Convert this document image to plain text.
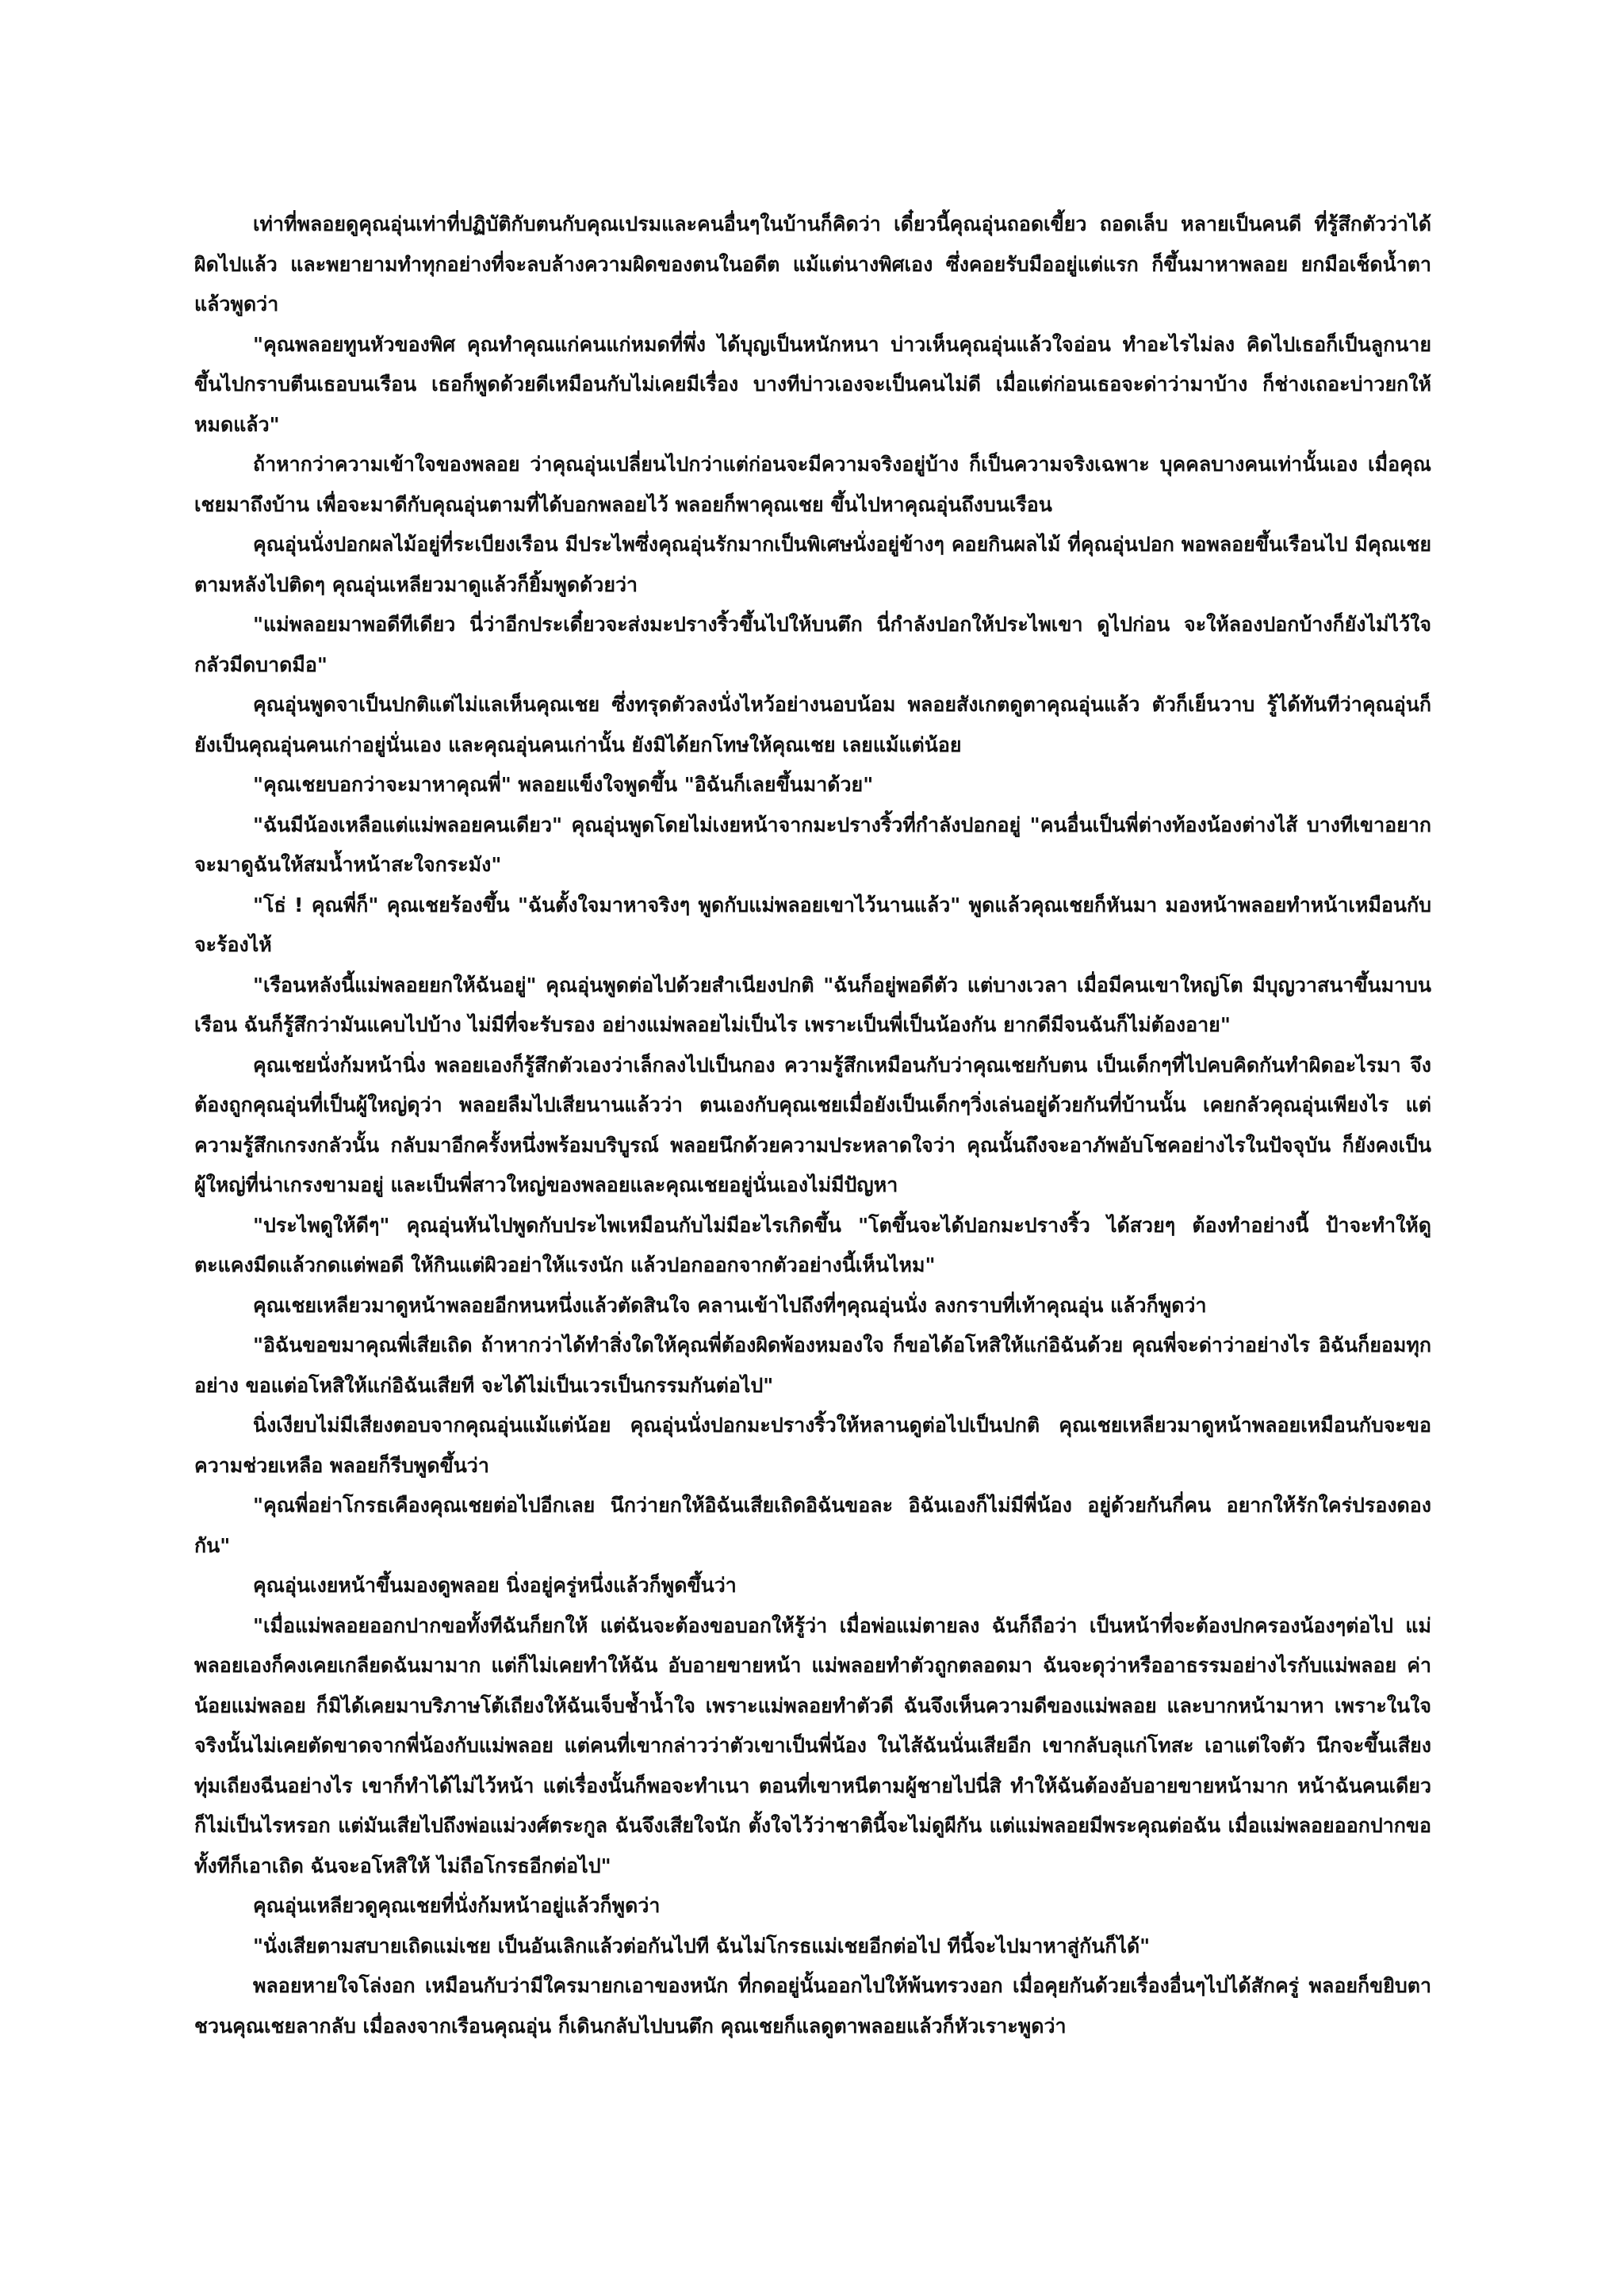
เท่าที่พลอยดูคุณอุ่นเท่าที่ปฏิบัติกับตนกับคุณเปรมและคนอื่นๆในบ้านก็คิดว่า เดี๋ยวนี้คุณอุ่นถอดเขี้ยว ถอดเล็บ หลายเป็นคนดี ที่รู้สึกตัวว่าได้ผิดไปแล้ว และพยายามทำทุกอย่างที่จะลบล้างความผิดของตนในอดีต แม้แต่นางพิศเอง ซึ่งคอยรับมืออยู่แต่แรก ก็ขึ้นมาหาพลอย ยกมือเช็ดน้ำตาแล้วพูดว่า

"คุณพลอยทูนหัวของพิศ คุณทำคุณแก่คนแก่หมดที่พึ่ง ได้บุญเป็นหนักหนา บ่าวเห็นคุณอุ่นแล้วใจอ่อน ทำอะไรไม่ลง คิดไปเธอก็เป็นลูกนาย ขึ้นไปกราบตีนเธอบนเรือน เธอก็พูดด้วยดีเหมือนกับไม่เคยมีเรื่อง บางทีบ่าวเองจะเป็นคนไม่ดี เมื่อแต่ก่อนเธอจะด่าว่ามาบ้าง ก็ช่างเถอะบ่าวยกให้หมดแล้ว"

ถ้าหากว่าความเข้าใจของพลอย ว่าคุณอุ่นเปลี่ยนไปกว่าแต่ก่อนจะมีความจริงอยู่บ้าง ก็เป็นความจริงเฉพาะ บุคคลบางคนเท่านั้นเอง เมื่อคุณเชยมาถึงบ้าน เพื่อจะมาดีกับคุณอุ่นตามที่ได้บอกพลอยไว้ พลอยก็พาคุณเชย ขึ้นไปหาคุณอุ่นถึงบนเรือน

คุณอุ่นนั่งปอกผลไม้อยู่ที่ระเบียงเรือน มีประไพซึ่งคุณอุ่นรักมากเป็นพิเศษนั่งอยู่ข้างๆ คอยกินผลไม้ ที่คุณอุ่นปอก พอพลอยขึ้นเรือนไป มีคุณเชยตามหลังไปติดๆ คุณอุ่นเหลียวมาดูแล้วก็ยิ้มพูดด้วยว่า

"แม่พลอยมาพอดีทีเดียว นี่ว่าอีกประเดี๋ยวจะส่งมะปรางริ้วขึ้นไปให้บนตึก นี่กำลังปอกให้ประไพเขา ดูไปก่อน จะให้ลองปอกบ้างก็ยังไม่ไว้ใจ กลัวมีดบาดมือ"

คุณอุ่นพูดจาเป็นปกติแต่ไม่แลเห็นคุณเชย ซึ่งทรุดตัวลงนั่งไหว้อย่างนอบน้อม พลอยสังเกตดูตาคุณอุ่นแล้ว ตัวก็เย็นวาบ รู้ได้ทันทีว่าคุณอุ่นก็ยังเป็นคุณอุ่นคนเก่าอยู่นั่นเอง และคุณอุ่นคนเก่านั้น ยังมิได้ยกโทษให้คุณเชย เลยแม้แต่น้อย

"คุณเชยบอกว่าจะมาหาคุณพี่" พลอยแข็งใจพูดขึ้น "อิฉันก็เลยขึ้นมาด้วย"

"ฉันมีน้องเหลือแต่แม่พลอยคนเดียว" คุณอุ่นพูดโดยไม่เงยหน้าจากมะปรางริ้วที่กำลังปอกอยู่ "คนอื่นเป็นพี่ต่างท้องน้องต่างไส้ บางทีเขาอยากจะมาดูฉันให้สมน้ำหน้าสะใจกระมัง"

"โธ่ ! คุณพี่ก็" คุณเชยร้องขึ้น "ฉันตั้งใจมาหาจริงๆ พูดกับแม่พลอยเขาไว้นานแล้ว" พูดแล้วคุณเชยก็หันมา มองหน้าพลอยทำหน้าเหมือนกับจะร้องไห้

"เรือนหลังนี้แม่พลอยยกให้ฉันอยู่" คุณอุ่นพูดต่อไปด้วยสำเนียงปกติ "ฉันก็อยู่พอดีตัว แต่บางเวลา เมื่อมีคนเขาใหญ่โต มีบุญวาสนาขึ้นมาบนเรือน ฉันก็รู้สึกว่ามันแคบไปบ้าง ไม่มีที่จะรับรอง อย่างแม่พลอยไม่เป็นไร เพราะเป็นพี่เป็นน้องกัน ยากดีมีจนฉันก็ไม่ต้องอาย"

คุณเชยนั่งก้มหน้านิ่ง พลอยเองก็รู้สึกตัวเองว่าเล็กลงไปเป็นกอง ความรู้สึกเหมือนกับว่าคุณเชยกับตน เป็นเด็กๆที่ไปคบคิดกันทำผิดอะไรมา จึงต้องถูกคุณอุ่นที่เป็นผู้ใหญ่ดุว่า พลอยลืมไปเสียนานแล้วว่า ตนเองกับคุณเชยเมื่อยังเป็นเด็กๆวิ่งเล่นอยู่ด้วยกันที่บ้านนั้น เคยกลัวคุณอุ่นเพียงไร แต่ความรู้สึกเกรงกลัวนั้น กลับมาอีกครั้งหนึ่งพร้อมบริบูรณ์ พลอยนึกด้วยความประหลาดใจว่า คุณนั้นถึงจะอาภัพอับโชคอย่างไรในปัจจุบัน ก็ยังคงเป็นผู้ใหญ่ที่น่าเกรงขามอยู่ และเป็นพี่สาวใหญ่ของพลอยและคุณเชยอยู่นั่นเองไม่มีปัญหา

"ประไพดูให้ดีๆ" คุณอุ่นหันไปพูดกับประไพเหมือนกับไม่มีอะไรเกิดขึ้น "โตขึ้นจะได้ปอกมะปรางริ้ว ได้สวยๆ ต้องทำอย่างนี้ ป้าจะทำให้ดู ตะแคงมีดแล้วกดแต่พอดี ให้กินแต่ผิวอย่าให้แรงนัก แล้วปอกออกจากตัวอย่างนี้เห็นไหม"

คุณเชยเหลียวมาดูหน้าพลอยอีกหนหนึ่งแล้วตัดสินใจ คลานเข้าไปถึงที่ๆคุณอุ่นนั่ง ลงกราบที่เท้าคุณอุ่น แล้วก็พูดว่า

"อิฉันขอขมาคุณพี่เสียเถิด ถ้าหากว่าได้ทำสิ่งใดให้คุณพี่ต้องผิดพ้องหมองใจ ก็ขอได้อโหสิให้แก่อิฉันด้วย คุณพี่จะด่าว่าอย่างไร อิฉันก็ยอมทุกอย่าง ขอแต่อโหสิให้แก่อิฉันเสียที จะได้ไม่เป็นเวรเป็นกรรมกันต่อไป"

นิ่งเงียบไม่มีเสียงตอบจากคุณอุ่นแม้แต่น้อย คุณอุ่นนั่งปอกมะปรางริ้วให้หลานดูต่อไปเป็นปกติ คุณเชยเหลียวมาดูหน้าพลอยเหมือนกับจะขอความช่วยเหลือ พลอยก็รีบพูดขึ้นว่า

"คุณพี่อย่าโกรธเคืองคุณเชยต่อไปอีกเลย นึกว่ายกให้อิฉันเสียเถิดอิฉันขอละ อิฉันเองก็ไม่มีพี่น้อง อยู่ด้วยกันกี่คน อยากให้รักใคร่ปรองดองกัน"

คุณอุ่นเงยหน้าขึ้นมองดูพลอย นิ่งอยู่ครู่หนึ่งแล้วก็พูดขึ้นว่า

"เมื่อแม่พลอยออกปากขอทั้งทีฉันก็ยกให้ แต่ฉันจะต้องขอบอกให้รู้ว่า เมื่อพ่อแม่ตายลง ฉันก็ถือว่า เป็นหน้าที่จะต้องปกครองน้องๆต่อไป แม่พลอยเองก็คงเคยเกลียดฉันมามาก แต่ก็ไม่เคยทำให้ฉัน อับอายขายหน้า แม่พลอยทำตัวถูกตลอดมา ฉันจะดุว่าหรืออาธรรมอย่างไรกับแม่พลอย ค่าน้อยแม่พลอย ก็มิได้เคยมาบริภาษโต้เถียงให้ฉันเจ็บช้ำน้ำใจ เพราะแม่พลอยทำตัวดี ฉันจึงเห็นความดีของแม่พลอย และบากหน้ามาหา เพราะในใจจริงนั้นไม่เคยตัดขาดจากพี่น้องกับแม่พลอย แต่คนที่เขากล่าวว่าตัวเขาเป็นพี่น้อง ในไส้ฉันนั่นเสียอีก เขากลับลุแก่โทสะ เอาแต่ใจตัว นึกจะขึ้นเสียงทุ่มเถียงฉีนอย่างไร เขาก็ทำได้ไม่ไว้หน้า แต่เรื่องนั้นก็พอจะทำเนา ตอนที่เขาหนีตามผู้ชายไปนี่สิ ทำให้ฉันต้องอับอายขายหน้ามาก หน้าฉันคนเดียว ก็ไม่เป็นไรหรอก แต่มันเสียไปถึงพ่อแม่วงศ์ตระกูล ฉันจึงเสียใจนัก ตั้งใจไว้ว่าชาตินี้จะไม่ดูผีกัน แต่แม่พลอยมีพระคุณต่อฉัน เมื่อแม่พลอยออกปากขอทั้งทีก็เอาเถิด ฉันจะอโหสิให้ ไม่ถือโกรธอีกต่อไป"

คุณอุ่นเหลียวดูคุณเชยที่นั่งก้มหน้าอยู่แล้วก็พูดว่า

"นั่งเสียตามสบายเถิดแม่เชย เป็นอันเลิกแล้วต่อกันไปที ฉันไม่โกรธแม่เชยอีกต่อไป ทีนี้จะไปมาหาสู่กันก็ได้"

พลอยหายใจโล่งอก เหมือนกับว่ามีใครมายกเอาของหนัก ที่กดอยู่นั้นออกไปให้พ้นทรวงอก เมื่อคุยกันด้วยเรื่องอื่นๆไปได้สักครู่ พลอยก็ขยิบตาชวนคุณเชยลากลับ เมื่อลงจากเรือนคุณอุ่น ก็เดินกลับไปบนตึก คุณเชยก็แลดูตาพลอยแล้วก็หัวเราะพูดว่า
